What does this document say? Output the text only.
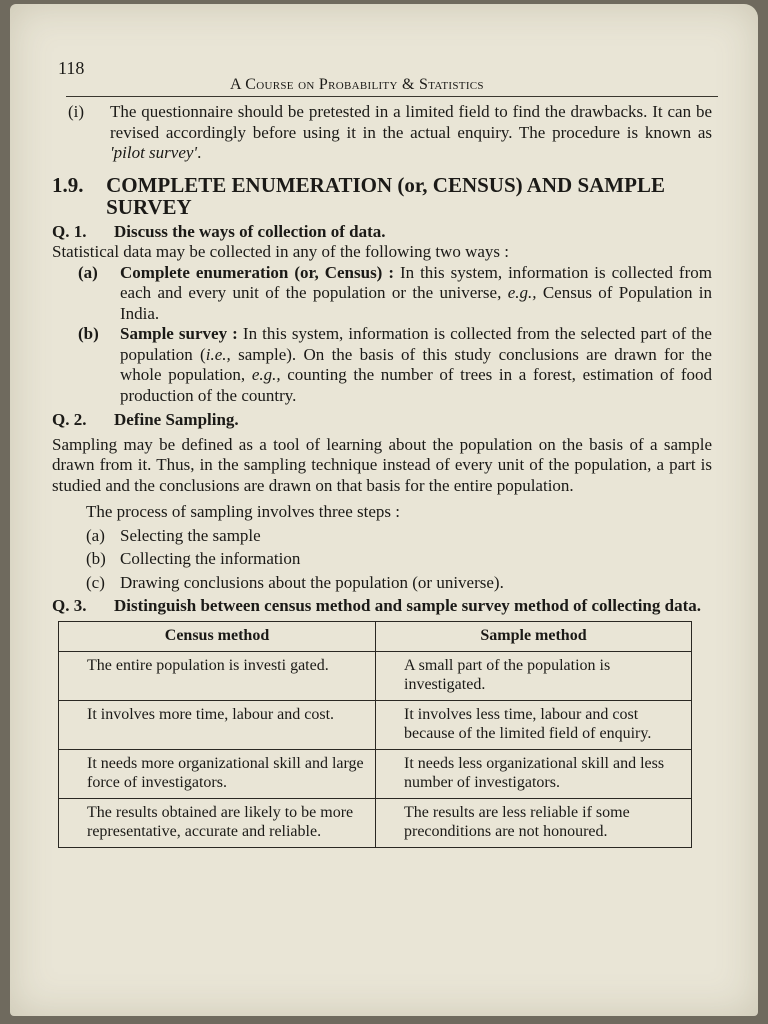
118
A Course on Probability & Statistics
(i)	The questionnaire should be pretested in a limited field to find the drawbacks. It can be revised accordingly before using it in the actual enquiry. The procedure is known as 'pilot survey'.
1.9.	COMPLETE ENUMERATION (or, CENSUS) AND SAMPLE SURVEY
Q. 1.	Discuss the ways of collection of data.

Statistical data may be collected in any of the following two ways :

(a)	Complete enumeration (or, Census) : In this system, information is collected from each and every unit of the population or the universe, e.g., Census of Population in India.
(b)	Sample survey : In this system, information is collected from the selected part of the population (i.e., sample). On the basis of this study conclusions are drawn for the whole population, e.g., counting the number of trees in a forest, estimation of food production of the country.
Q. 2.	Define Sampling.

Sampling may be defined as a tool of learning about the population on the basis of a sample drawn from it. Thus, in the sampling technique instead of every unit of the population, a part is studied and the conclusions are drawn on that basis for the entire population.

The process of sampling involves three steps :

(a) Selecting the sample
(b) Collecting the information
(c) Drawing conclusions about the population (or universe).
Q. 3.	Distinguish between census method and sample survey method of collecting data.
Census method	Sample method
The entire population is investi gated.	A small part of the population is investigated.
It involves more time, labour and cost.	It involves less time, labour and cost because of the limited field of enquiry.
It needs more organizational skill and large force of investigators.	It needs less organizational skill and less number of investigators.
The results obtained are likely to be more representative, accurate and reliable.	The results are less reliable if some preconditions are not honoured.
